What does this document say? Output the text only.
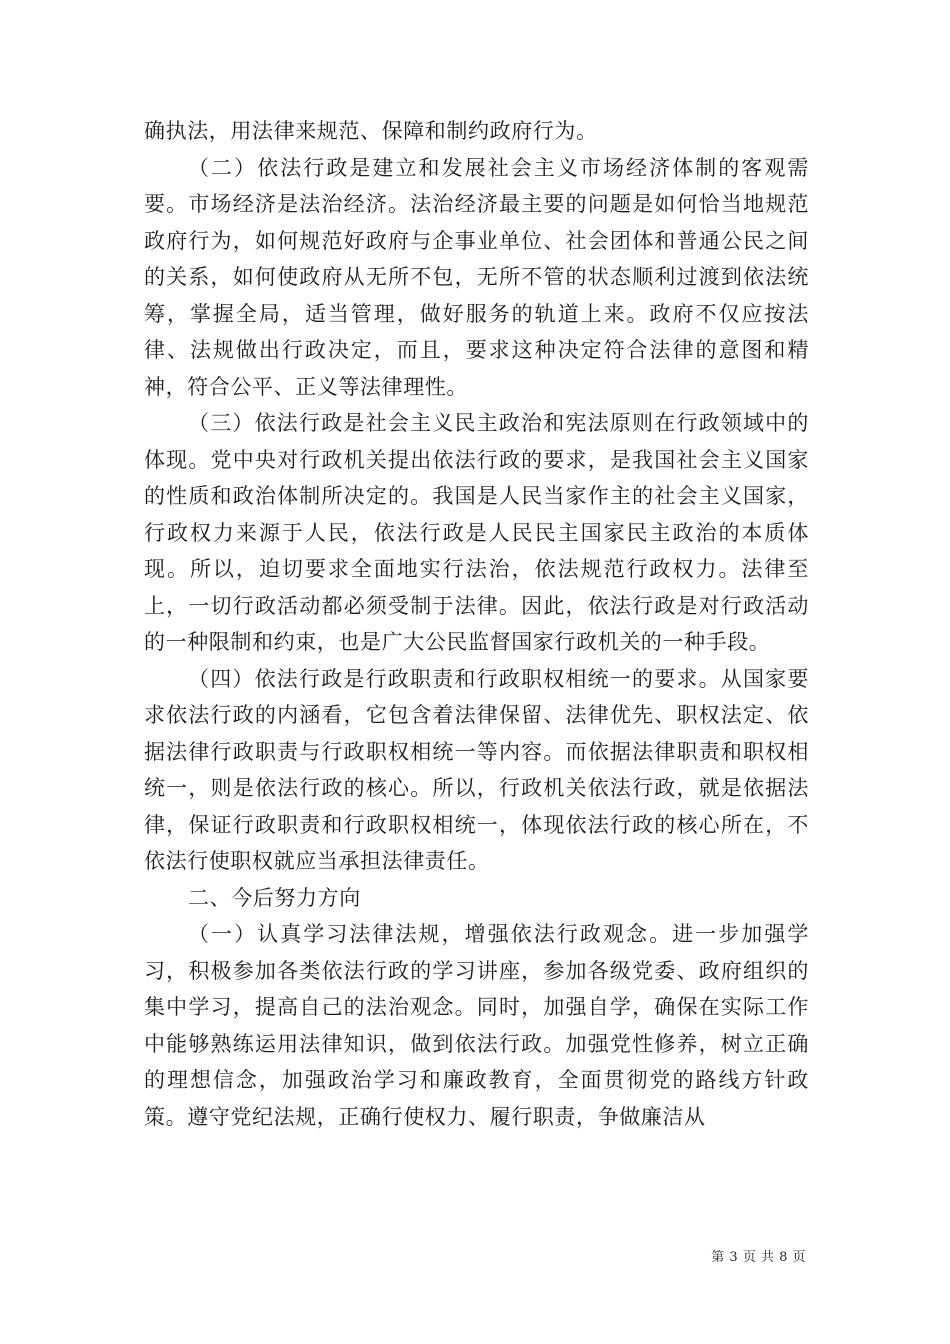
确执法，用法律来规范、保障和制约政府行为。

（二）依法行政是建立和发展社会主义市场经济体制的客观需要。市场经济是法治经济。法治经济最主要的问题是如何恰当地规范政府行为，如何规范好政府与企事业单位、社会团体和普通公民之间的关系，如何使政府从无所不包，无所不管的状态顺利过渡到依法统筹，掌握全局，适当管理，做好服务的轨道上来。政府不仅应按法律、法规做出行政决定，而且，要求这种决定符合法律的意图和精神，符合公平、正义等法律理性。

（三）依法行政是社会主义民主政治和宪法原则在行政领域中的体现。党中央对行政机关提出依法行政的要求，是我国社会主义国家的性质和政治体制所决定的。我国是人民当家作主的社会主义国家，行政权力来源于人民，依法行政是人民民主国家民主政治的本质体现。所以，迫切要求全面地实行法治，依法规范行政权力。法律至上，一切行政活动都必须受制于法律。因此，依法行政是对行政活动的一种限制和约束，也是广大公民监督国家行政机关的一种手段。

（四）依法行政是行政职责和行政职权相统一的要求。从国家要求依法行政的内涵看，它包含着法律保留、法律优先、职权法定、依据法律行政职责与行政职权相统一等内容。而依据法律职责和职权相统一，则是依法行政的核心。所以，行政机关依法行政，就是依据法律，保证行政职责和行政职权相统一，体现依法行政的核心所在，不依法行使职权就应当承担法律责任。

二、今后努力方向

（一）认真学习法律法规，增强依法行政观念。进一步加强学习，积极参加各类依法行政的学习讲座，参加各级党委、政府组织的集中学习，提高自己的法治观念。同时，加强自学，确保在实际工作中能够熟练运用法律知识，做到依法行政。加强党性修养，树立正确的理想信念，加强政治学习和廉政教育，全面贯彻党的路线方针政策。遵守党纪法规，正确行使权力、履行职责，争做廉洁从

第 3 页 共 8 页
